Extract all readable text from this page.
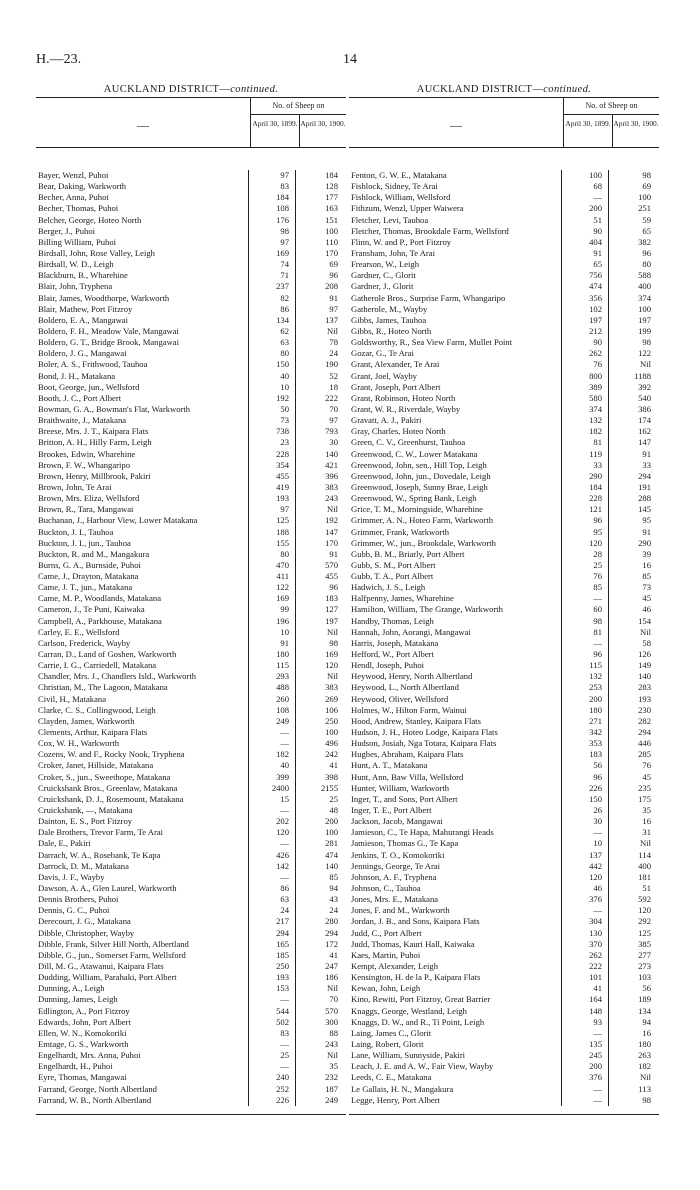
H.—23.	14
AUCKLAND DISTRICT—continued.
—
No. of Sheep on
April 30, 1899. April 30, 1900.
Bayer, Wenzl, Puhoi	97	184
Bear, Daking, Warkworth	83	128
Becher, Anna, Puhoi	184	177
Becher, Thomas, Puhoi	108	163
Belcher, George, Hoteo North	176	151
Berger, J., Puhoi	98	100
Billing William, Puhoi	97	110
Birdsall, John, Rose Valley, Leigh	169	170
Birdsall, W. D., Leigh	74	69
Blackburn, B., Wharehine	71	96
Blair, John, Tryphena	237	208
Blair, James, Woodthorpe, Warkworth	82	91
Blair, Mathew, Port Fitzroy	86	97
Boldero, E. A., Mangawai	134	137
Boldero, F. H., Meadow Vale, Mangawai	62	Nil
Boldero, G. T., Bridge Brook, Mangawai	63	78
Boldero, J. G., Mangawai	80	24
Boler, A. S., Frithwood, Tauhoa	150	190
Bond, J. H., Matakana	40	52
Boot, George, jun., Wellsford	10	18
Booth, J. C., Port Albert	192	222
Bowman, G. A., Bowman's Flat, Warkworth	50	70
Braithwaite, J., Matakana	73	97
Breese, Mrs. J. T., Kaipara Flats	738	793
Britton, A. H., Hilly Farm, Leigh	23	30
Brookes, Edwin, Wharehine	228	140
Brown, F. W., Whangaripo	354	421
Brown, Henry, Millbrook, Pakiri	455	396
Brown, John, Te Arai	419	383
Brown, Mrs. Eliza, Wellsford	193	243
Brown, R., Tara, Mangawai	97	Nil
Buchanan, J., Harbour View, Lower Matakana	125	192
Buckton, J. I., Tauhoa	188	147
Buckton, J. I., jun., Tauhoa	155	170
Buckton, R. and M., Mangakura	80	91
Burns, G. A., Burnside, Puhoi	470	570
Came, J., Drayton, Matakana	411	455
Came, J. T., jun., Matakana	122	96
Came, M. P., Woodlands, Matakana	169	183
Cameron, J., Te Puni, Kaiwaka	99	127
Campbell, A., Parkhouse, Matakana	196	197
Carley, E. E., Wellsford	10	Nil
Carlson, Frederick, Wayby	91	98
Carran, D., Land of Goshen, Warkworth	180	169
Carrie, I. G., Carriedell, Matakana	115	120
Chandler, Mrs. J., Chandlers Isld., Warkworth	293	Nil
Christian, M., The Lagoon, Matakana	488	383
Civil, H., Matakana	260	269
Clarke, C. S., Collingwood, Leigh	108	106
Clayden, James, Warkworth	249	250
Clements, Arthur, Kaipara Flats	—	100
Cox, W. H., Warkworth	—	496
Cozens, W. and F., Rocky Nook, Tryphena	182	242
Croker, Janet, Hillside, Matakana	40	41
Croker, S., jun., Sweethope, Matakana	399	398
Cruickshank Bros., Greenlaw, Matakana	2400	2155
Cruickshank, D. J., Rosemount, Matakana	15	25
Cruickshank, —, Matakana	—	48
Dainton, E. S., Port Fitzroy	202	200
Dale Brothers, Trevor Farm, Te Arai	120	100
Dale, E., Pakiri	—	281
Darrach, W. A., Rosebank, Te Kapa	426	474
Darrock, D. M., Matakana	142	140
Davis, J. F., Wayby	—	85
Dawson, A. A., Glen Laurel, Warkworth	86	94
Dennis Brothers, Puhoi	63	43
Dennis, G. C., Puhoi	24	24
Derecourt, J. G., Matakana	217	280
Dibble, Christopher, Wayby	294	294
Dibble, Frank, Silver Hill North, Albertland	165	172
Dibble, G., jun., Somerset Farm, Wellsford	185	41
Dill, M. G., Atawanui, Kaipara Flats	250	247
Dudding, William, Parahaki, Port Albert	193	186
Dunning, A., Leigh	153	Nil
Dunning, James, Leigh	—	70
Edlington, A., Port Fitzroy	544	570
Edwards, John, Port Albert	502	300
Ellen, W. N., Komokoriki	83	88
Emtage, G. S., Warkworth	—	243
Engelhardt, Mrs. Anna, Puhoi	25	Nil
Engelhardt, H., Puhoi	—	35
Eyre, Thomas, Mangawai	240	232
Farrand, George, North Albertland	252	187
Farrand, W. B., North Albertland	226	249
AUCKLAND DISTRICT—continued.
—
No. of Sheep on
April 30, 1899. April 30, 1900.
Fenton, G. W. E., Matakana	100	98
Fishlock, Sidney, Te Arai	68	69
Fishlock, William, Wellsford	—	100
Fithzum, Wenzl, Upper Waiwera	200	251
Fletcher, Levi, Tauhoa	51	59
Fletcher, Thomas, Brookdale Farm, Wellsford	90	65
Flinn, W. and P., Port Fitzroy	404	382
Fransham, John, Te Arai	91	96
Frearson, W., Leigh	65	80
Gardner, C., Glorit	756	588
Gardner, J., Glorit	474	400
Gatherole Bros., Surprise Farm, Whangaripo	356	374
Gatherole, M., Wayby	102	100
Gibbs, James, Tauhoa	197	197
Gibbs, R., Hoteo North	212	199
Goldsworthy, R., Sea View Farm, Mullet Point	90	98
Gozar, G., Te Arai	262	122
Grant, Alexander, Te Arai	76	Nil
Grant, Joel, Wayby	800	1188
Grant, Joseph, Port Albert	389	392
Grant, Robinson, Hoteo North	580	540
Grant, W. R., Riverdale, Wayby	374	386
Gravatt, A. J., Pakiri	132	174
Gray, Charles, Hoteo North	182	162
Green, C. V., Greenhurst, Tauhoa	81	147
Greenwood, C. W., Lower Matakana	119	91
Greenwood, John, sen., Hill Top, Leigh	33	33
Greenwood, John, jun., Dovedale, Leigh	290	294
Greenwood, Joseph, Sunny Brae, Leigh	184	191
Greenwood, W., Spring Bank, Leigh	228	288
Grice, T. M., Morningside, Wharehine	121	145
Grimmer, A. N., Hoteo Farm, Warkworth	96	95
Grimmer, Frank, Warkworth	95	91
Grimmer, W., jun., Brookdale, Warkworth	120	290
Gubb, B. M., Briarly, Port Albert	28	39
Gubb, S. M., Port Albert	25	16
Gubb, T. A., Port Albert	76	85
Hadwich, J. S., Leigh	85	73
Halfpenny, James, Wharehine	—	45
Hamilton, William, The Grange, Warkworth	60	46
Handby, Thomas, Leigh	98	154
Hannah, John, Aorangi, Mangawai	81	Nil
Harris, Joseph, Matakana	—	58
Hefford, W., Port Albert	96	126
Hendl, Joseph, Puhoi	115	149
Heywood, Henry, North Albertland	132	140
Heywood, L., North Albertland	253	283
Heywood, Oliver, Wellsford	200	193
Holmes, W., Hilton Farm, Wainui	180	230
Hood, Andrew, Stanley, Kaipara Flats	271	282
Hudson, J. H., Hoteo Lodge, Kaipara Flats	342	294
Hudson, Josiah, Nga Totara, Kaipara Flats	353	446
Hughes, Abraham, Kaipara Flats	183	285
Hunt, A. T., Matakana	56	76
Hunt, Ann, Baw Villa, Wellsford	96	45
Hunter, William, Warkworth	226	235
Inger, T., and Sons, Port Albert	150	175
Inger, T. E., Port Albert	26	35
Jackson, Jacob, Mangawai	30	16
Jamieson, C., Te Hapa, Mahurangi Heads	—	31
Jamieson, Thomas G., Te Kapa	10	Nil
Jenkins, T. O., Komokoriki	137	114
Jennings, George, Te Arai	442	400
Johnson, A. F., Tryphena	120	181
Johnson, C., Tauhoa	46	51
Jones, Mrs. E., Matakana	376	592
Jones, F. and M., Warkworth	—	120
Jordan, J. B., and Sons, Kaipara Flats	304	292
Judd, C., Port Albert	130	125
Judd, Thomas, Kauri Hall, Kaiwaka	370	385
Kaes, Martin, Puhoi	262	277
Kempt, Alexander, Leigh	222	273
Kensington, H. de la P., Kaipara Flats	101	103
Kewan, John, Leigh	41	56
Kino, Rewiti, Port Fitzroy, Great Barrier	164	189
Knaggs, George, Westland, Leigh	148	134
Knaggs, D. W., and R., Ti Point, Leigh	93	94
Laing, James C., Glorit	—	16
Laing, Robert, Glorit	135	180
Lane, William, Sunnyside, Pakiri	245	263
Leach, J. E. and A. W., Fair View, Wayby	200	182
Leeds, C. E., Matakana	376	Nil
Le Gallais, H. N., Mangakura	—	113
Legge, Henry, Port Albert	—	98
